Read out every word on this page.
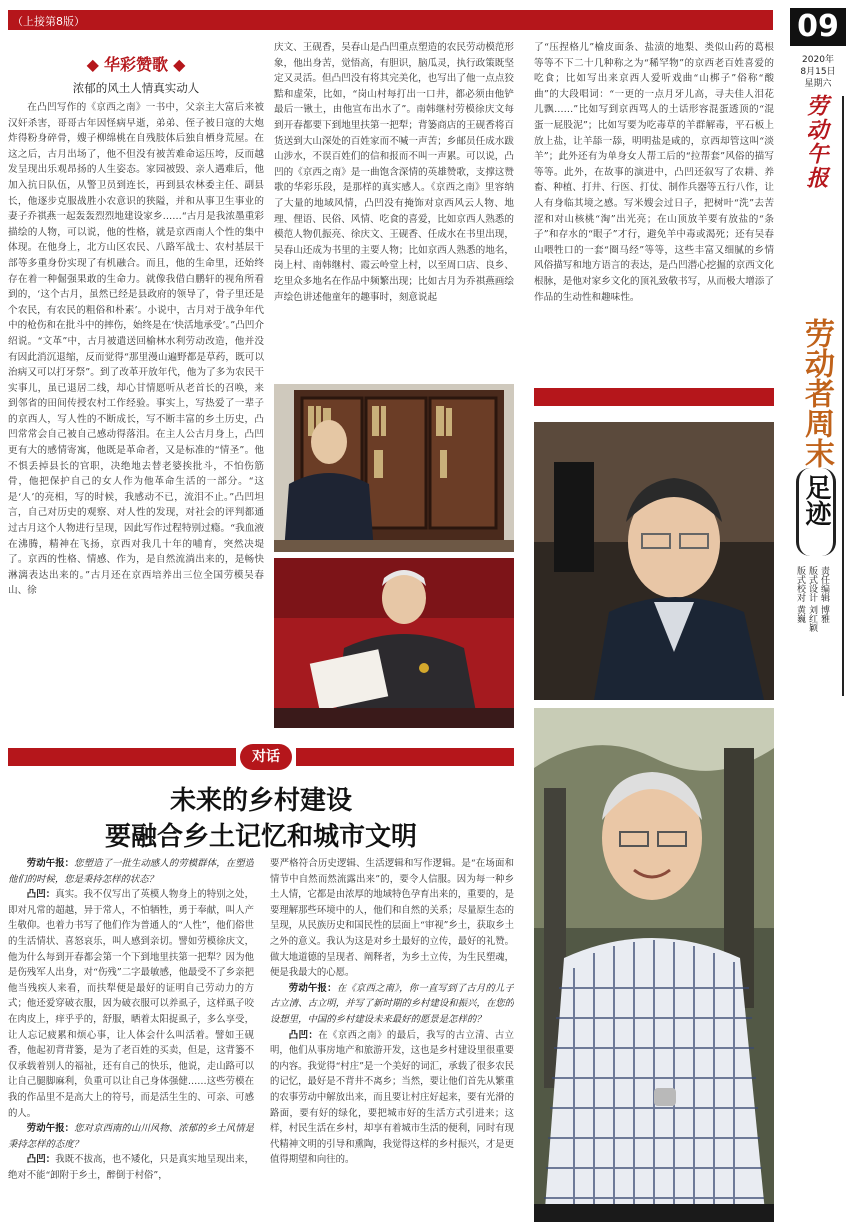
（上接第8版）
◆ 华彩赞歌 ◆
浓郁的风土人情真实动人

在凸凹写作的《京西之南》一书中，父亲主大富后来被汉奸杀害，哥哥古年因怪病早逝，弟弟、侄子被日寇的大炮炸得粉身碎骨，嫂子柳绵桃在自残肢体后独自栖身荒屋。在这之后，古月出场了，他不但没有被苦难命运压垮，反而越发呈现出乐观昂扬的人生姿态。家园被毁、亲人遇难后，他加入抗日队伍，从警卫员到连长，再到县农林委主任、副县长，他逐步克服战胜小农意识的狭隘，并和从事卫生事业的妻子乔祺燕一起轰轰烈烈地建设家乡……“古月是我浓墨重彩描绘的人物，可以说，他的性格，就是京西南人个性的集中体现。在他身上，北方山区农民、八路军战士、农村基层干部等多重身份实现了有机融合。而且，他的生命里，还始终存在着一种倔强果敢的生命力。就像我借白鹏轩的视角所看到的，‘这个古月，虽然已经是县政府的领导了，骨子里还是个农民，有农民的粗俗和朴素’。小说中，古月对于战争年代中的枪伤和在批斗中的摔伤，始终是在‘快活地承受’。”凸凹介绍说。“文革”中，古月被遣送回榆林水利劳动改造，他并没有因此消沉退缩，反而觉得“那里漫山遍野都是草药，既可以治病又可以打牙祭”。到了改革开放年代，他为了多为农民干实事儿，虽已退居二线，却心甘情愿听从老首长的召唤，来到邻省的田间传授农村工作经验。事实上，写热爱了一辈子的京西人，写人性的不断成长，写不断丰富的乡土历史，凸凹常常会自己被自己感动得落泪。在主人公古月身上，凸凹更有大的感情寄寓，他既是革命者，又是标准的“情圣”。他不惧丢掉县长的官职，决绝地去替老婆挨批斗，不怕伤筋骨，他把保护自己的女人作为他革命生活的一部分。“这是‘人’的亮相，写的时候，我感动不已，流泪不止。”凸凹坦言，自己对历史的观察、对人性的发现，对社会的评判都通过古月这个人物进行呈现，因此写作过程特别过瘾。“我血液在沸腾，精神在飞扬，京西对我几十年的哺育，突然决堤了。京西的性格、情感、作为，是自然流淌出来的，是畅快淋漓表达出来的。”古月还在京西培养出三位全国劳模吴春山、徐

庆文、王砚香，吴春山是凸凹重点塑造的农民劳动模范形象，他出身苦，觉悟高，有胆识，脑瓜灵，执行政策既坚定又灵活。但凸凹没有将其完美化，也写出了他一点点狡黠和虚荣，比如，“岗山村每打出一口井，都必须由他铲最后一锹土，由他宣布出水了”。南韩继村劳模徐庆文每到开春都要下到地里扶第一把犁；背篓商店的王砚香将百货送到大山深处的百姓家而不喊一声苦；乡邮员任成水跋山涉水，不误百姓们的信和报而不叫一声累。可以说，凸凹的《京西之南》是一曲饱含深情的英雄赞歌，支撑这赞歌的华彩乐段，是那样的真实感人。《京西之南》里容纳了大量的地域风情，凸凹没有掩饰对京西风云人物、地理、俚语、民俗、风情、吃食的喜爱，比如京西人熟悉的模范人物仉振亮、徐庆文、王砚香、任成水在书里出现，吴春山还成为书里的主要人物；比如京西人熟悉的地名，岗上村、南韩继村、霞云岭堂上村，以至周口店、良乡、圪里众多地名在作品中频繁出现；比如古月为乔祺燕画绘声绘色讲述他童年的趣事时，刻意说起

了“压捏格儿”榆皮面条、盐渍的地梨、类似山药的葛根等等不下二十几种称之为“稀罕物”的京西老百姓喜爱的吃食；比如写出来京西人爱听戏曲“山梆子”俗称“酸曲”的大段唱词：“一更的一点月牙儿高，寻夫佳人泪花儿飘……”比如写到京西骂人的土话形容混蛋透顶的“混蛋一屁股泥”；比如写要为吃毒草的羊群解毒，平石板上放上盐，让羊舔一舔，明明盐是咸的，京西却管这叫“淡羊”；此外还有为单身女人帮工后的“拉帮套”风俗的描写等等。此外，在故事的演进中，凸凹还叙写了农耕、养畜、种植、打井、行医、打仗、制作兵器等五行八作，让人有身临其境之感。写米嫂会过日子，把树叶“洗”去苦涩和对山核桃“淘”出光亮；在山顶放羊要有放盐的“条子”和存水的“眼子”才行，避免羊中毒或渴死；还有吴春山喂牲口的一套“圈马经”等等，这些丰富又细腻的乡情风俗描写和地方语言的表达，是凸凹潜心挖掘的京西文化根脉，是他对家乡文化的顶礼致敬书写，从而极大增添了作品的生动性和趣味性。

09
2020年
8月15日
星期六
劳动午报
劳动者周末
足迹
责任编辑 博雅
版式设计 刘红颖
版式校对 黄巍
对话
未来的乡村建设
要融合乡土记忆和城市文明

劳动午报：您塑造了一批生动感人的劳模群体，在塑造他们的时候，您是秉持怎样的状态？

凸凹：真实。我不仅写出了英模人物身上的特别之处，即对凡常的超越，异于常人，不怕牺牲，勇于奉献，叫人产生敬仰。也着力书写了他们作为普通人的“人性”，他们俗世的生活情状、喜怒哀乐，叫人感到亲切。譬如劳模徐庆文，他为什么每到开春都会第一个下到地里扶第一把犁？因为他是伤残军人出身，对“伤残”二字最敏感，他最受不了乡亲把他当残疾人来看，而扶犁便是最好的证明自己劳动力的方式；他还爱穿破衣服，因为破衣服可以养虱子，这样虱子咬在肉皮上，痒乎乎的，舒服，晒着太阳捉虱子，多么享受，让人忘记疲累和烦心事，让人体会什么叫活着。譬如王砚香，他起初背背篓，是为了老百姓的买卖，但是，这背篓不仅承载着别人的福祉，还有自己的快乐，他说，走山路可以让自己腿脚麻利，负重可以让自己身体强健……这些劳模在我的作品里不是高大上的符号，而是活生生的、可亲、可感的人。

劳动午报：您对京西南的山川风物、浓郁的乡土风情是秉持怎样的态度？

凸凹：我既不拔高，也不矮化，只是真实地呈现出来，绝对不能“卸附于乡土，醉倒于村俗”，

要严格符合历史逻辑、生活逻辑和写作逻辑。是“在场面和情节中自然而然流露出来”的，要令人信服。因为每一种乡土人情，它都是由浓厚的地域特色孕育出来的，重要的，是要理解那些环境中的人，他们和自然的关系；尽量原生态的呈现，从民族历史和国民性的层面上“审视”乡土，获取乡土之外的意义。我认为这是对乡土最好的立传，最好的礼赞。做大地道德的呈现者、阐释者，为乡土立传，为生民塑魂，便是我最大的心愿。

劳动午报：在《京西之南》，你一直写到了古月的儿子古立清、古立明，并写了新时期的乡村建设和振兴，在您的设想里，中国的乡村建设未来最好的愿景是怎样的？

凸凹：在《京西之南》的最后，我写的古立清、古立明，他们从事房地产和旅游开发，这也是乡村建设里很重要的内容。我觉得“村庄”是一个美好的词汇，承载了很多农民的记忆，最好是不背井不离乡；当然，要让他们首先从繁重的农事劳动中解放出来，而且要让村庄好起来，要有光滑的路面，要有好的绿化，要把城市好的生活方式引进来；这样，村民生活在乡村，却享有着城市生活的便利，同时有现代精神文明的引导和熏陶，我觉得这样的乡村振兴，才是更值得期望和向往的。
